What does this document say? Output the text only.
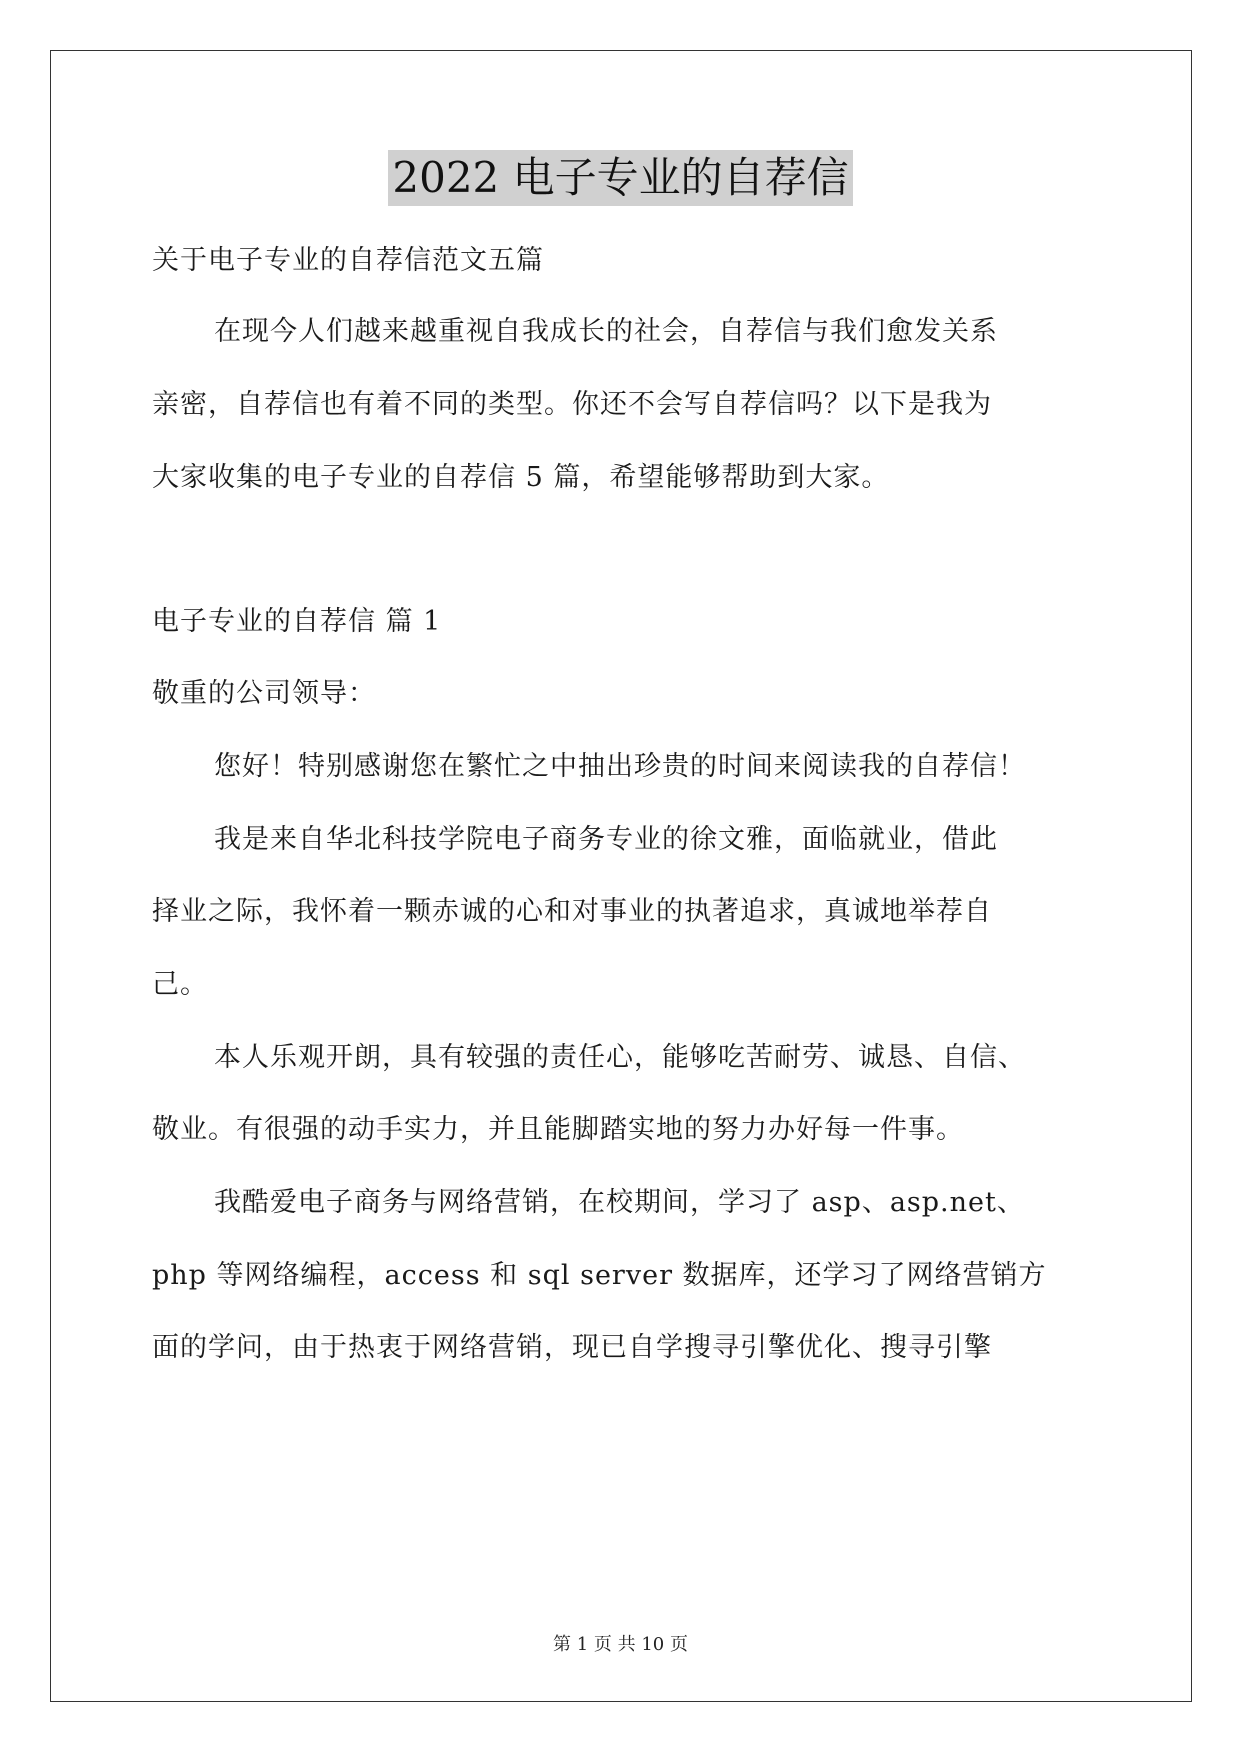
2022 电子专业的自荐信
关于电子专业的自荐信范文五篇
在现今人们越来越重视自我成长的社会，自荐信与我们愈发关系
亲密，自荐信也有着不同的类型。你还不会写自荐信吗？以下是我为
大家收集的电子专业的自荐信 5 篇，希望能够帮助到大家。
电子专业的自荐信 篇 1
敬重的公司领导：
您好！特别感谢您在繁忙之中抽出珍贵的时间来阅读我的自荐信！
我是来自华北科技学院电子商务专业的徐文雅，面临就业，借此
择业之际，我怀着一颗赤诚的心和对事业的执著追求，真诚地举荐自
己。
本人乐观开朗，具有较强的责任心，能够吃苦耐劳、诚恳、自信、
敬业。有很强的动手实力，并且能脚踏实地的努力办好每一件事。
我酷爱电子商务与网络营销，在校期间，学习了 asp、asp.net、
php 等网络编程，access 和 sql server 数据库，还学习了网络营销方
面的学问，由于热衷于网络营销，现已自学搜寻引擎优化、搜寻引擎
第 1 页 共 10 页
